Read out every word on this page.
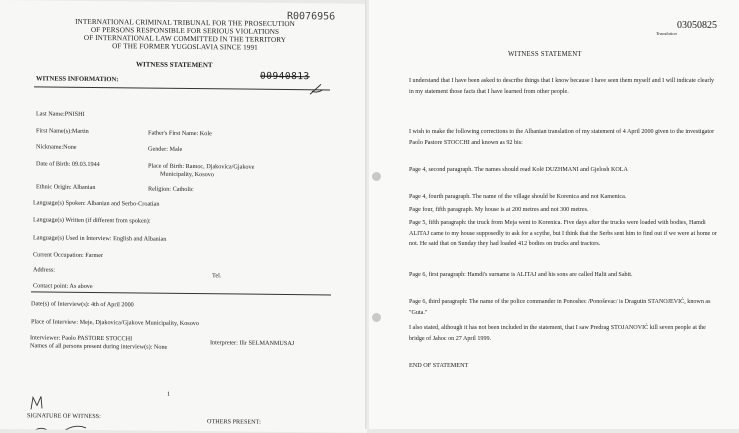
R0076956
INTERNATIONAL CRIMINAL TRIBUNAL FOR THE PROSECUTION
OF PERSONS RESPONSIBLE FOR SERIOUS VIOLATIONS
OF INTERNATIONAL LAW COMMITTED IN THE TERRITORY
OF THE FORMER YUGOSLAVIA SINCE 1991
WITNESS STATEMENT
00940813
WITNESS INFORMATION:
Last Name:PNISHI
First Name(s):Martin	Father's First Name: Kole
Nickname:None	Gender: Male
Date of Birth: 09.03.1944	Place of Birth: Ramoc, Djakovica/Gjakove
Municipality, Kosovo
Ethnic Origin: Albanian	Religion: Catholic
Language(s) Spoken: Albanian and Serbo-Croatian
Language(s) Written (if different from spoken):
Language(s) Used in Interview: English and Albanian
Current Occupation: Farmer
Address:
Tel.
Contact point: As above
Date(s) of Interview(s): 4th of April 2000
Place of Interview: Meje, Djakovica/Gjakove Municipality, Kosovo
Interviewer: Paolo PASTORE STOCCHI
Interpreter: Ilir SELMANMUSAJ
Names of all persons present during interview(s): None
1
SIGNATURE OF WITNESS:
OTHERS PRESENT:
03050825
Translation
WITNESS STATEMENT
I understand that I have been asked to describe things that I know because I have seen them myself and I will indicate clearly in my statement those facts that I have learned from other people.
I wish to make the following corrections to the Albanian translation of my statement of 4 April 2000 given to the investigator Paolo Pastore STOCCHI and known as 92 bis:
Page 4, second paragraph. The names should read Kolë DUZHMANI and Gjelosh KOLA
Page 4, fourth paragraph. The name of the village should be Korenica and not Kamenica.
Page four, fifth paragraph. My house is at 200 metres and not 300 metres.
Page 5, fifth paragraph: the truck from Meja went to Korenica. Five days after the trucks were loaded with bodies, Hamdi ALITAJ came to my house supposedly to ask for a scythe, but I think that the Serbs sent him to find out if we were at home or not. He said that on Sunday they had loaded 412 bodies on trucks and tractors.
Page 6, first paragraph: Hamdi's surname is ALITAJ and his sons are called Halit and Sabit.
Page 6, third paragraph: The name of the police commander in Ponoshec /Ponoševac/ is Dragutin STANOJEVIĆ, known as "Guta."
I also stated, although it has not been included in the statement, that I saw Predrag STOJANOVIĆ kill seven people at the bridge of Jahoc on 27 April 1999.
END OF STATEMENT
